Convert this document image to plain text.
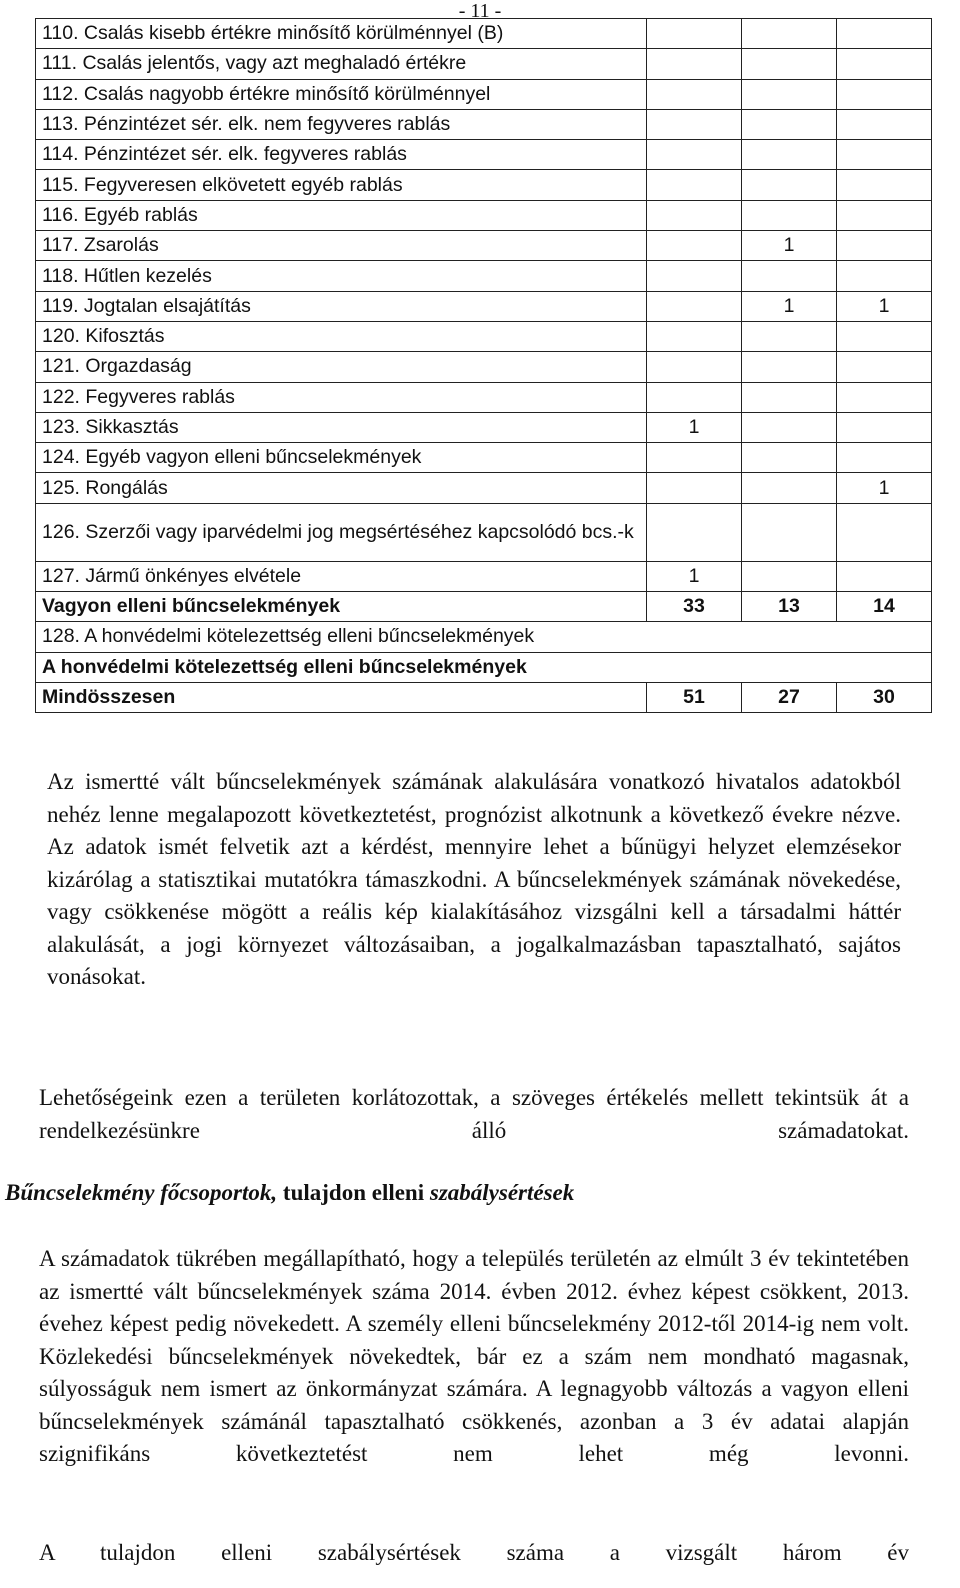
- 11 -
110. Csalás kisebb értékre minősítő körülménnyel (B)			
111. Csalás jelentős, vagy azt meghaladó értékre			
112. Csalás nagyobb értékre minősítő körülménnyel			
113. Pénzintézet sér. elk. nem fegyveres rablás			
114. Pénzintézet sér. elk. fegyveres rablás			
115. Fegyveresen elkövetett egyéb rablás			
116. Egyéb rablás			
117. Zsarolás		1	
118. Hűtlen kezelés			
119. Jogtalan elsajátítás		1	1
120. Kifosztás			
121. Orgazdaság			
122. Fegyveres rablás			
123. Sikkasztás	1		
124. Egyéb vagyon elleni bűncselekmények			
125. Rongálás			1
126. Szerzői vagy iparvédelmi jog megsértéséhez kapcsolódó bcs.-k			
127. Jármű önkényes elvétele	1		
Vagyon elleni bűncselekmények	33	13	14
128. A honvédelmi kötelezettség elleni bűncselekmények			
A honvédelmi kötelezettség elleni bűncselekmények			
Mindösszesen	51	27	30
Az ismertté vált bűncselekmények számának alakulására vonatkozó hivatalos adatokból nehéz lenne megalapozott következtetést, prognózist alkotnunk a következő évekre nézve. Az adatok ismét felvetik azt a kérdést, mennyire lehet a bűnügyi helyzet elemzésekor kizárólag a statisztikai mutatókra támaszkodni. A bűncselekmények számának növekedése, vagy csökkenése mögött a reális kép kialakításához vizsgálni kell a társadalmi háttér alakulását, a jogi környezet változásaiban, a jogalkalmazásban tapasztalható, sajátos vonásokat.
Lehetőségeink ezen a területen korlátozottak, a szöveges értékelés mellett tekintsük át a rendelkezésünkre álló számadatokat.
Bűncselekmény főcsoportok, tulajdon elleni szabálysértések
A számadatok tükrében megállapítható, hogy a település területén az elmúlt 3 év tekintetében az ismertté vált bűncselekmények száma 2014. évben 2012. évhez képest csökkent, 2013. évehez képest pedig növekedett. A személy elleni bűncselekmény 2012-től 2014-ig nem volt. Közlekedési bűncselekmények növekedtek, bár ez a szám nem mondható magasnak, súlyosságuk nem ismert az önkormányzat számára. A legnagyobb változás a vagyon elleni bűncselekmények számánál tapasztalható csökkenés, azonban a 3 év adatai alapján szignifikáns következtetést nem lehet még levonni.
A tulajdon elleni szabálysértések száma a vizsgált három év
